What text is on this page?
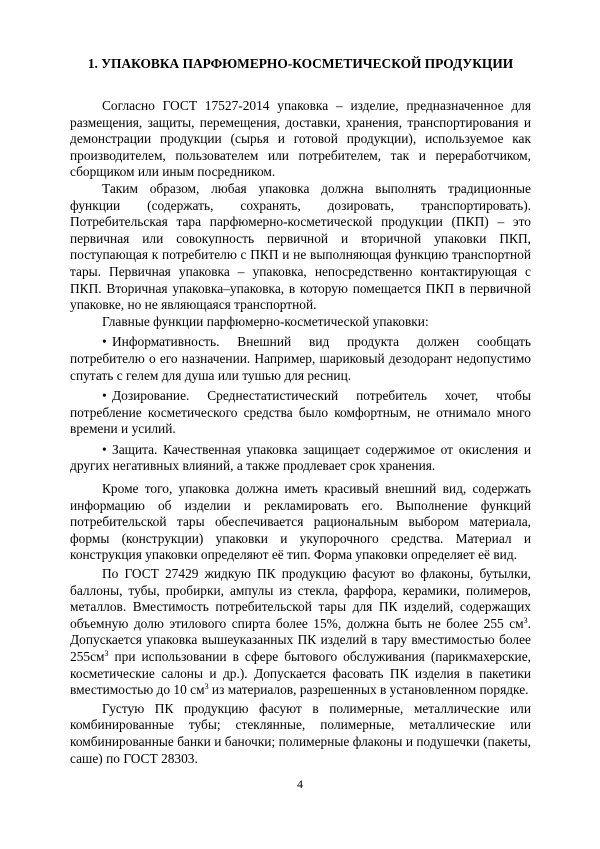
1. УПАКОВКА ПАРФЮМЕРНО-КОСМЕТИЧЕСКОЙ ПРОДУКЦИИ

Согласно ГОСТ 17527-2014 упаковка – изделие, предназначенное для размещения, защиты, перемещения, доставки, хранения, транспортирования и демонстрации продукции (сырья и готовой продукции), используемое как производителем, пользователем или потребителем, так и переработчиком, сборщиком или иным посредником.

Таким образом, любая упаковка должна выполнять традиционные функции (содержать, сохранять, дозировать, транспортировать). Потребительская тара парфюмерно-косметической продукции (ПКП) – это первичная или совокупность первичной и вторичной упаковки ПКП, поступающая к потребителю с ПКП и не выполняющая функцию транспортной тары. Первичная упаковка – упаковка, непосредственно контактирующая с ПКП. Вторичная упаковка–упаковка, в которую помещается ПКП в первичной упаковке, но не являющаяся транспортной.

Главные функции парфюмерно-косметической упаковки:

• Информативность. Внешний вид продукта должен сообщать потребителю о его назначении. Например, шариковый дезодорант недопустимо спутать с гелем для душа или тушью для ресниц.

• Дозирование. Среднестатистический потребитель хочет, чтобы потребление косметического средства было комфортным, не отнимало много времени и усилий.

• Защита. Качественная упаковка защищает содержимое от окисления и других негативных влияний, а также продлевает срок хранения.

Кроме того, упаковка должна иметь красивый внешний вид, содержать информацию об изделии и рекламировать его. Выполнение функций потребительской тары обеспечивается рациональным выбором материала, формы (конструкции) упаковки и укупорочного средства. Материал и конструкция упаковки определяют её тип. Форма упаковки определяет её вид.

По ГОСТ 27429 жидкую ПК продукцию фасуют во флаконы, бутылки, баллоны, тубы, пробирки, ампулы из стекла, фарфора, керамики, полимеров, металлов. Вместимость потребительской тары для ПК изделий, содержащих объемную долю этилового спирта более 15%, должна быть не более 255 $см^3$. Допускается упаковка вышеуказанных ПК изделий в тару вместимостью более $255см^3$ при использовании в сфере бытового обслуживания (парикмахерские, косметические салоны и др.). Допускается фасовать ПК изделия в пакетики вместимостью до 10 $см^3$ из материалов, разрешенных в установленном порядке.

Густую ПК продукцию фасуют в полимерные, металлические или комбинированные тубы; стеклянные, полимерные, металлические или комбинированные банки и баночки; полимерные флаконы и подушечки (пакеты, саше) по ГОСТ 28303.

4
